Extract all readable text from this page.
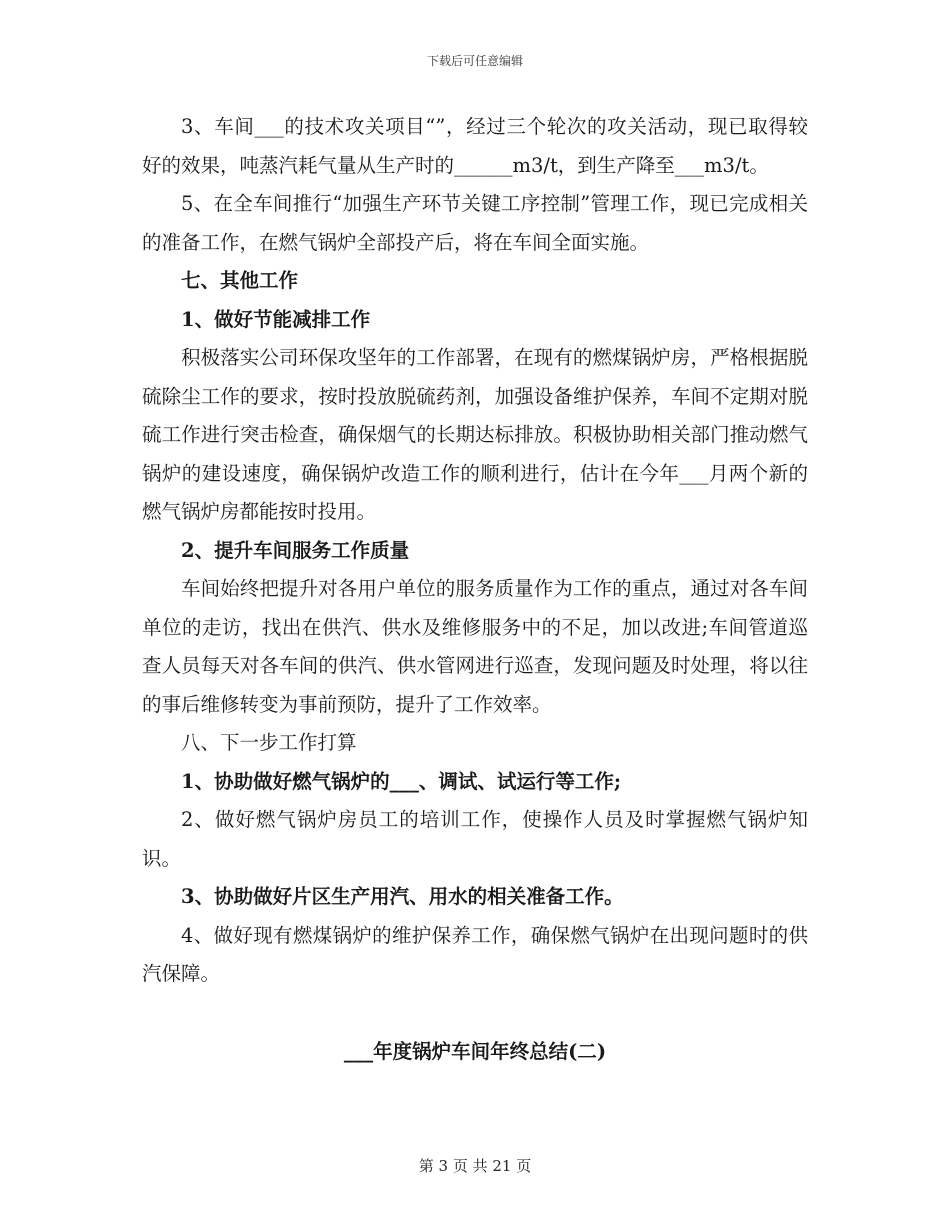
下载后可任意编辑

3、车间___的技术攻关项目“”，经过三个轮次的攻关活动，现已取得较好的效果，吨蒸汽耗气量从生产时的______m3/t，到生产降至___m3/t。

5、在全车间推行“加强生产环节关键工序控制”管理工作，现已完成相关的准备工作，在燃气锅炉全部投产后，将在车间全面实施。

七、其他工作

1、做好节能减排工作

积极落实公司环保攻坚年的工作部署，在现有的燃煤锅炉房，严格根据脱硫除尘工作的要求，按时投放脱硫药剂，加强设备维护保养，车间不定期对脱硫工作进行突击检查，确保烟气的长期达标排放。积极协助相关部门推动燃气锅炉的建设速度，确保锅炉改造工作的顺利进行，估计在今年___月两个新的燃气锅炉房都能按时投用。

2、提升车间服务工作质量

车间始终把提升对各用户单位的服务质量作为工作的重点，通过对各车间单位的走访，找出在供汽、供水及维修服务中的不足，加以改进;车间管道巡查人员每天对各车间的供汽、供水管网进行巡查，发现问题及时处理，将以往的事后维修转变为事前预防，提升了工作效率。

八、下一步工作打算

1、协助做好燃气锅炉的___、调试、试运行等工作;

2、做好燃气锅炉房员工的培训工作，使操作人员及时掌握燃气锅炉知识。

3、协助做好片区生产用汽、用水的相关准备工作。

4、做好现有燃煤锅炉的维护保养工作，确保燃气锅炉在出现问题时的供汽保障。

___年度锅炉车间年终总结(二)
第 3 页 共 21 页
